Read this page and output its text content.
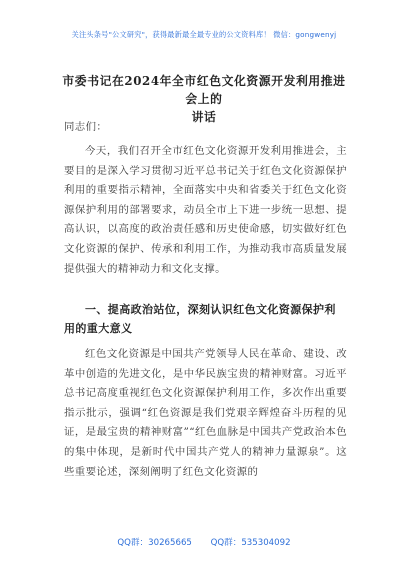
关注头条号"公文研究"，获得最新最全最专业的公文资料库！ 微信：gongwenyj
市委书记在2024年全市红色文化资源开发利用推进会上的
讲话
同志们：
今天，我们召开全市红色文化资源开发利用推进会，主要目的是深入学习贯彻习近平总书记关于红色文化资源保护利用的重要指示精神，全面落实中央和省委关于红色文化资源保护利用的部署要求，动员全市上下进一步统一思想、提高认识，以高度的政治责任感和历史使命感，切实做好红色文化资源的保护、传承和利用工作，为推动我市高质量发展提供强大的精神动力和文化支撑。
一、提高政治站位，深刻认识红色文化资源保护利用的重大意义
红色文化资源是中国共产党领导人民在革命、建设、改革中创造的先进文化，是中华民族宝贵的精神财富。习近平总书记高度重视红色文化资源保护利用工作，多次作出重要指示批示，强调“红色资源是我们党艰辛辉煌奋斗历程的见证，是最宝贵的精神财富”“红色血脉是中国共产党政治本色的集中体现，是新时代中国共产党人的精神力量源泉”。这些重要论述，深刻阐明了红色文化资源的
QQ群：30265665 QQ群：535304092
